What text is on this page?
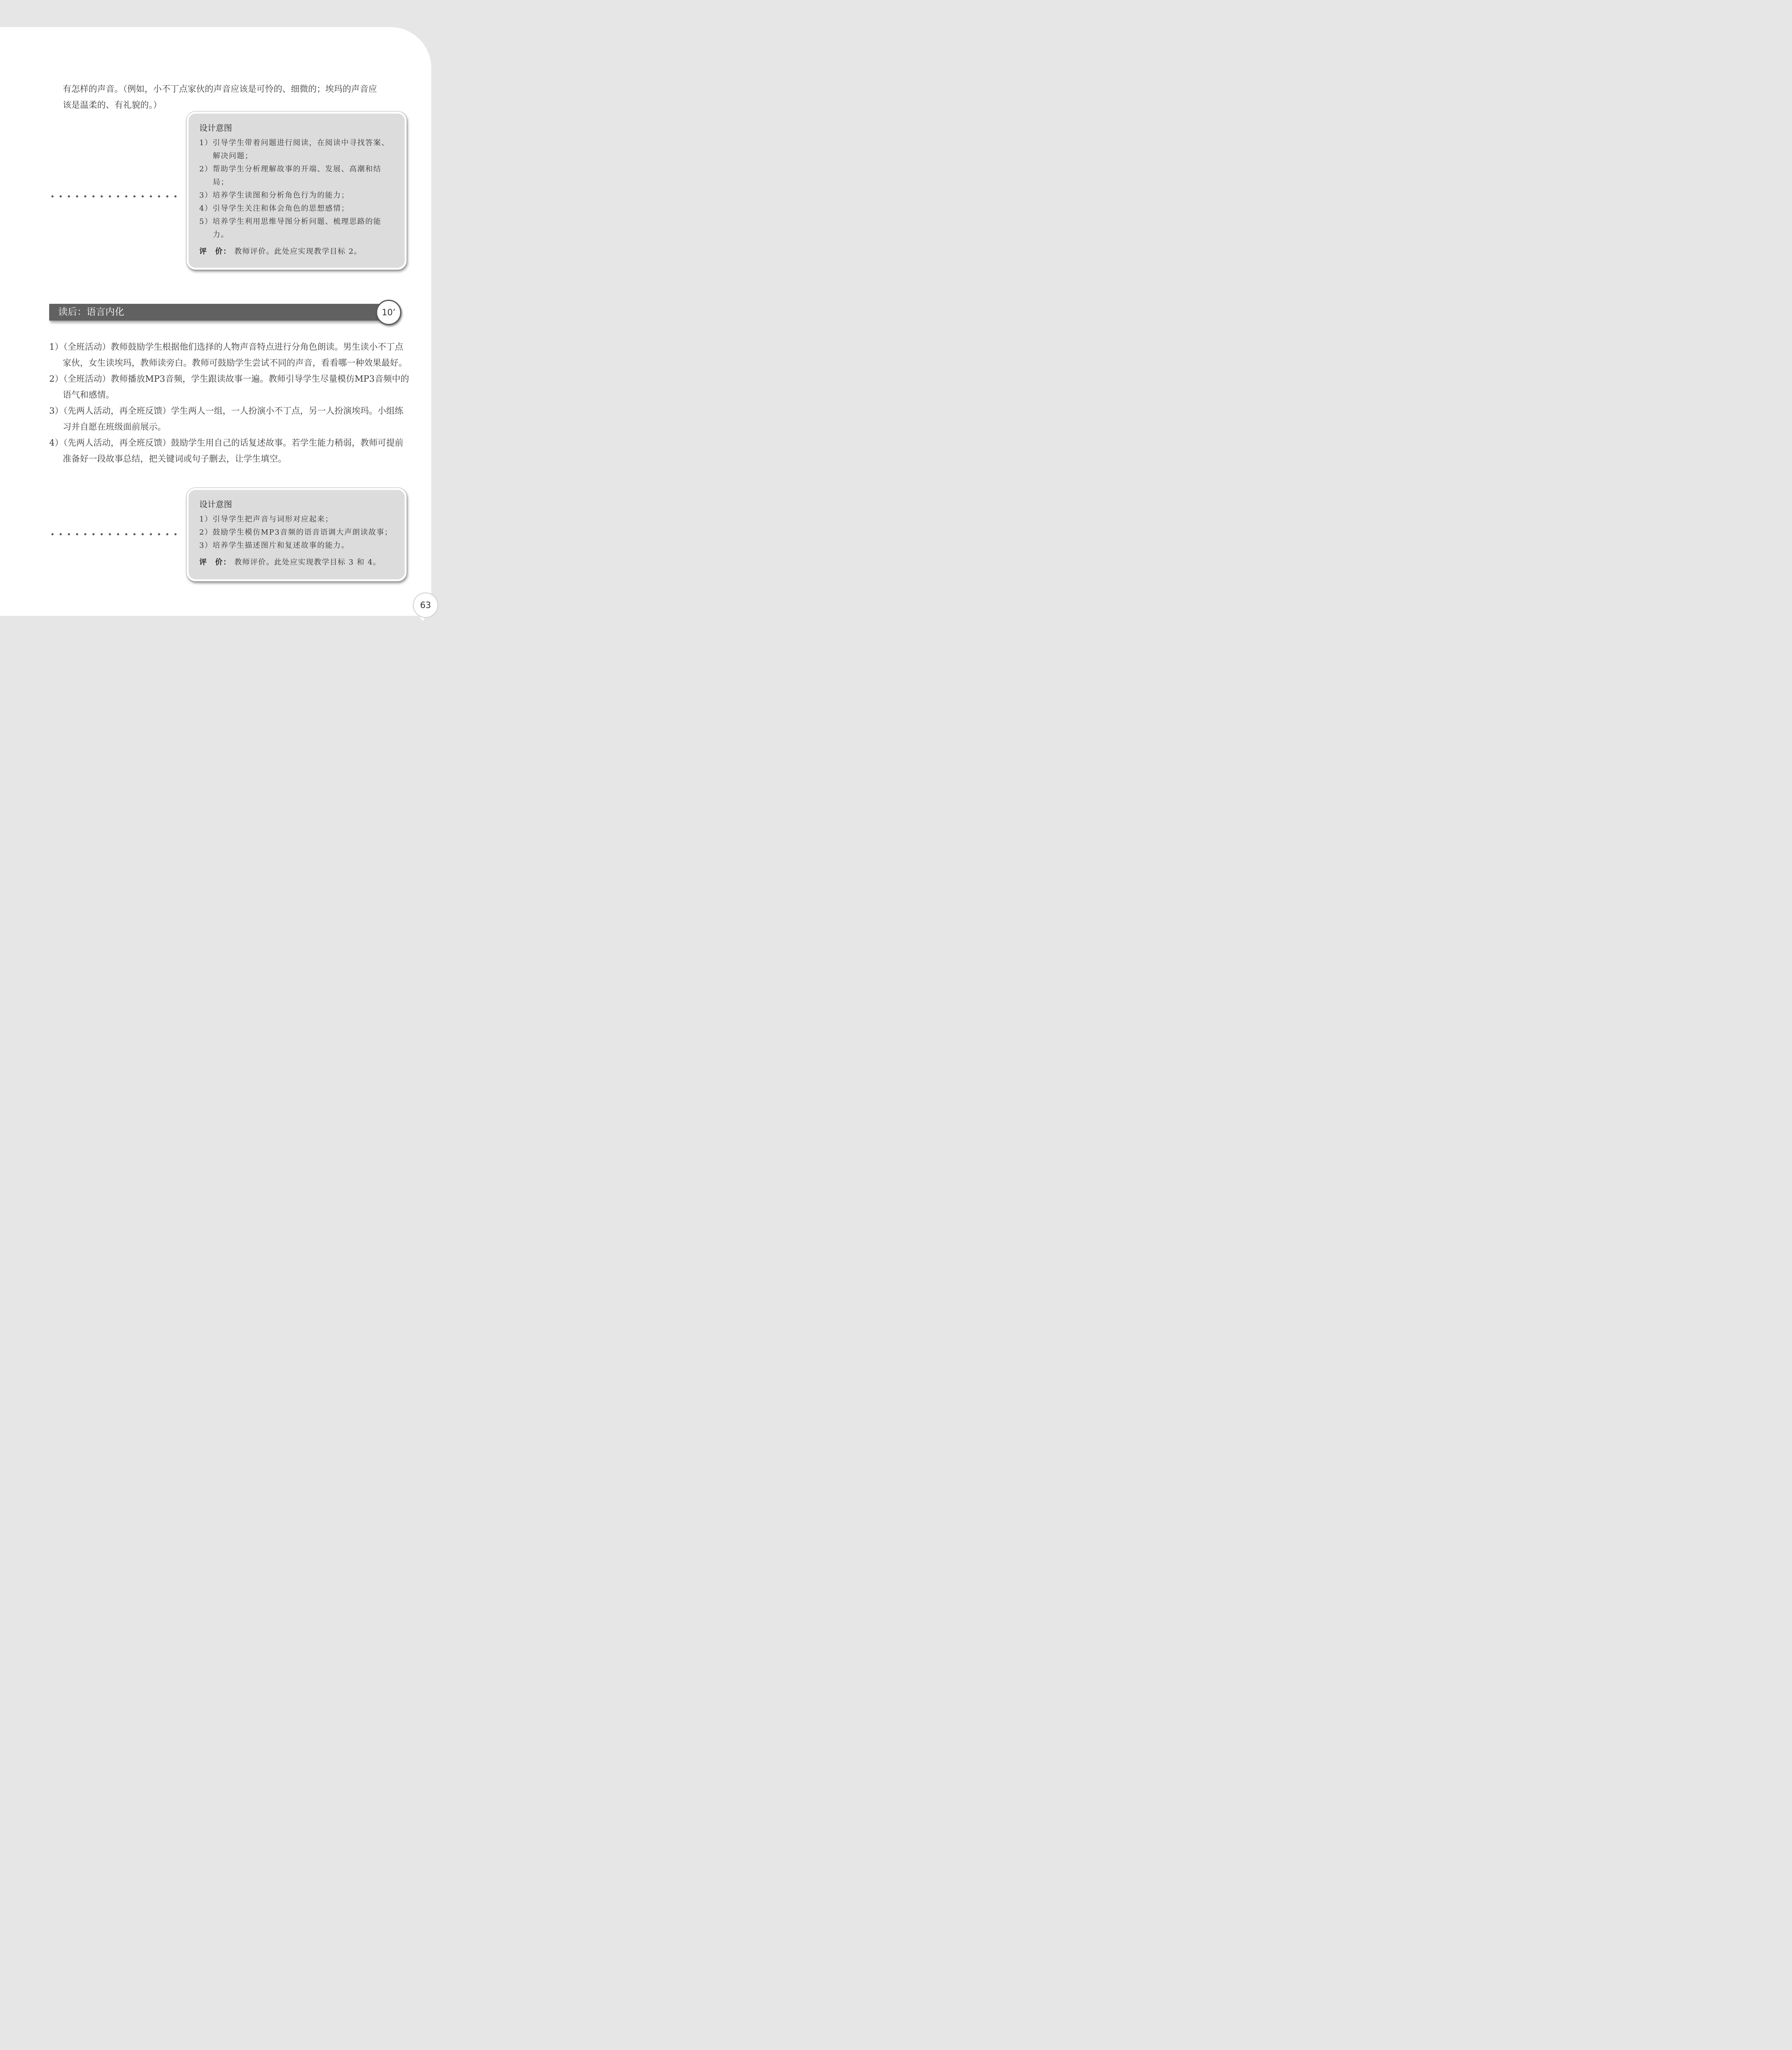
有怎样的声音。（例如，小不丁点家伙的声音应该是可怜的、细微的；埃玛的声音应

该是温柔的、有礼貌的。）

设计意图
1）引导学生带着问题进行阅读，在阅读中寻找答案、解决问题；
2）帮助学生分析理解故事的开端、发展、高潮和结局；
3）培养学生读图和分析角色行为的能力；
4）引导学生关注和体会角色的思想感情；
5）培养学生利用思维导图分析问题、梳理思路的能力。
评　价： 教师评价。此处应实现教学目标 2。
读后：语言内化	10’
1）（全班活动）教师鼓励学生根据他们选择的人物声音特点进行分角色朗读。男生读小不丁点家伙，女生读埃玛，教师读旁白。教师可鼓励学生尝试不同的声音，看看哪一种效果最好。
2）（全班活动）教师播放MP3音频，学生跟读故事一遍。教师引导学生尽量模仿MP3音频中的语气和感情。
3）（先两人活动，再全班反馈）学生两人一组，一人扮演小不丁点，另一人扮演埃玛。小组练习并自愿在班级面前展示。
4）（先两人活动，再全班反馈）鼓励学生用自己的话复述故事。若学生能力稍弱，教师可提前准备好一段故事总结，把关键词或句子删去，让学生填空。
设计意图
1）引导学生把声音与词形对应起来；
2）鼓励学生模仿MP3音频的语音语调大声朗读故事；
3）培养学生描述图片和复述故事的能力。
评　价： 教师评价。此处应实现教学目标 3 和 4。
63
